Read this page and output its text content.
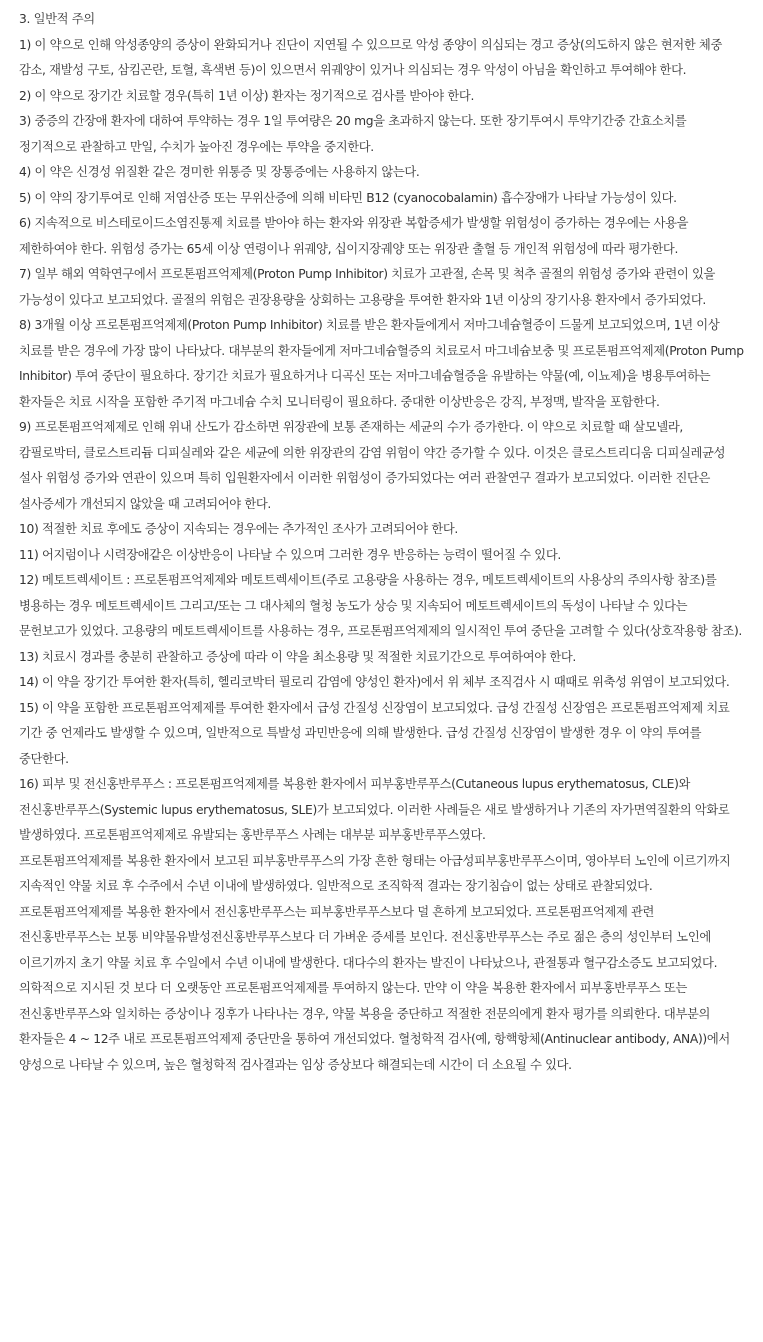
3. 일반적 주의

1) 이 약으로 인해 악성종양의 증상이 완화되거나 진단이 지연될 수 있으므로 악성 종양이 의심되는 경고 증상(의도하지 않은 현저한 체중 감소, 재발성 구토, 삼킴곤란, 토혈, 흑색변 등)이 있으면서 위궤양이 있거나 의심되는 경우 악성이 아님을 확인하고 투여해야 한다.

2) 이 약으로 장기간 치료할 경우(특히 1년 이상) 환자는 정기적으로 검사를 받아야 한다.

3) 중증의 간장애 환자에 대하여 투약하는 경우 1일 투여량은 20 mg을 초과하지 않는다. 또한 장기투여시 투약기간중 간효소치를 정기적으로 관찰하고 만일, 수치가 높아진 경우에는 투약을 중지한다.

4) 이 약은 신경성 위질환 같은 경미한 위통증 및 장통증에는 사용하지 않는다.

5) 이 약의 장기투여로 인해 저염산증 또는 무위산증에 의해 비타민 B12 (cyanocobalamin) 흡수장애가 나타날 가능성이 있다.

6) 지속적으로 비스테로이드소염진통제 치료를 받아야 하는 환자와 위장관 복합증세가 발생할 위험성이 증가하는 경우에는 사용을 제한하여야 한다. 위험성 증가는 65세 이상 연령이나 위궤양, 십이지장궤양 또는 위장관 출혈 등 개인적 위험성에 따라 평가한다.

7) 일부 해외 역학연구에서 프로톤펌프억제제(Proton Pump Inhibitor) 치료가 고관절, 손목 및 척추 골절의 위험성 증가와 관련이 있을 가능성이 있다고 보고되었다. 골절의 위험은 권장용량을 상회하는 고용량을 투여한 환자와 1년 이상의 장기사용 환자에서 증가되었다.

8) 3개월 이상 프로톤펌프억제제(Proton Pump Inhibitor) 치료를 받은 환자들에게서 저마그네슘혈증이 드물게 보고되었으며, 1년 이상 치료를 받은 경우에 가장 많이 나타났다. 대부분의 환자들에게 저마그네슘혈증의 치료로서 마그네슘보충 및 프로톤펌프억제제(Proton Pump Inhibitor) 투여 중단이 필요하다. 장기간 치료가 필요하거나 디곡신 또는 저마그네슘혈증을 유발하는 약물(예, 이뇨제)을 병용투여하는 환자들은 치료 시작을 포함한 주기적 마그네슘 수치 모니터링이 필요하다. 중대한 이상반응은 강직, 부정맥, 발작을 포함한다.

9) 프로톤펌프억제제로 인해 위내 산도가 감소하면 위장관에 보통 존재하는 세균의 수가 증가한다. 이 약으로 치료할 때 살모넬라, 캄필로박터, 클로스트리듐 디피실레와 같은 세균에 의한 위장관의 감염 위험이 약간 증가할 수 있다. 이것은 클로스트리디움 디피실레균성 설사 위험성 증가와 연관이 있으며 특히 입원환자에서 이러한 위험성이 증가되었다는 여러 관찰연구 결과가 보고되었다. 이러한 진단은 설사증세가 개선되지 않았을 때 고려되어야 한다.

10) 적절한 치료 후에도 증상이 지속되는 경우에는 추가적인 조사가 고려되어야 한다.

11) 어지럼이나 시력장애같은 이상반응이 나타날 수 있으며 그러한 경우 반응하는 능력이 떨어질 수 있다.

12) 메토트렉세이트 : 프로톤펌프억제제와 메토트렉세이트(주로 고용량을 사용하는 경우, 메토트렉세이트의 사용상의 주의사항 참조)를 병용하는 경우 메토트렉세이트 그리고/또는 그 대사체의 혈청 농도가 상승 및 지속되어 메토트렉세이트의 독성이 나타날 수 있다는 문헌보고가 있었다. 고용량의 메토트렉세이트를 사용하는 경우, 프로톤펌프억제제의 일시적인 투여 중단을 고려할 수 있다(상호작용항 참조).

13) 치료시 경과를 충분히 관찰하고 증상에 따라 이 약을 최소용량 및 적절한 치료기간으로 투여하여야 한다.

14) 이 약을 장기간 투여한 환자(특히, 헬리코박터 필로리 감염에 양성인 환자)에서 위 체부 조직검사 시 때때로 위축성 위염이 보고되었다.

15) 이 약을 포함한 프로톤펌프억제제를 투여한 환자에서 급성 간질성 신장염이 보고되었다. 급성 간질성 신장염은 프로톤펌프억제제 치료 기간 중 언제라도 발생할 수 있으며, 일반적으로 특발성 과민반응에 의해 발생한다. 급성 간질성 신장염이 발생한 경우 이 약의 투여를 중단한다.

16) 피부 및 전신홍반루푸스 : 프로톤펌프억제제를 복용한 환자에서 피부홍반루푸스(Cutaneous lupus erythematosus, CLE)와 전신홍반루푸스(Systemic lupus erythematosus, SLE)가 보고되었다. 이러한 사례들은 새로 발생하거나 기존의 자가면역질환의 악화로 발생하였다. 프로톤펌프억제제로 유발되는 홍반루푸스 사례는 대부분 피부홍반루푸스였다.

프로톤펌프억제제를 복용한 환자에서 보고된 피부홍반루푸스의 가장 흔한 형태는 아급성피부홍반루푸스이며, 영아부터 노인에 이르기까지 지속적인 약물 치료 후 수주에서 수년 이내에 발생하였다. 일반적으로 조직학적 결과는 장기침습이 없는 상태로 관찰되었다.

프로톤펌프억제제를 복용한 환자에서 전신홍반루푸스는 피부홍반루푸스보다 덜 흔하게 보고되었다. 프로톤펌프억제제 관련 전신홍반루푸스는 보통 비약물유발성전신홍반루푸스보다 더 가벼운 증세를 보인다. 전신홍반루푸스는 주로 젊은 층의 성인부터 노인에 이르기까지 초기 약물 치료 후 수일에서 수년 이내에 발생한다. 대다수의 환자는 발진이 나타났으나, 관절통과 혈구감소증도 보고되었다.

의학적으로 지시된 것 보다 더 오랫동안 프로톤펌프억제제를 투여하지 않는다. 만약 이 약을 복용한 환자에서 피부홍반루푸스 또는 전신홍반루푸스와 일치하는 증상이나 징후가 나타나는 경우, 약물 복용을 중단하고 적절한 전문의에게 환자 평가를 의뢰한다. 대부분의 환자들은 4 ~ 12주 내로 프로톤펌프억제제 중단만을 통하여 개선되었다. 혈청학적 검사(예, 항핵항체(Antinuclear antibody, ANA))에서 양성으로 나타날 수 있으며, 높은 혈청학적 검사결과는 임상 증상보다 해결되는데 시간이 더 소요될 수 있다.
